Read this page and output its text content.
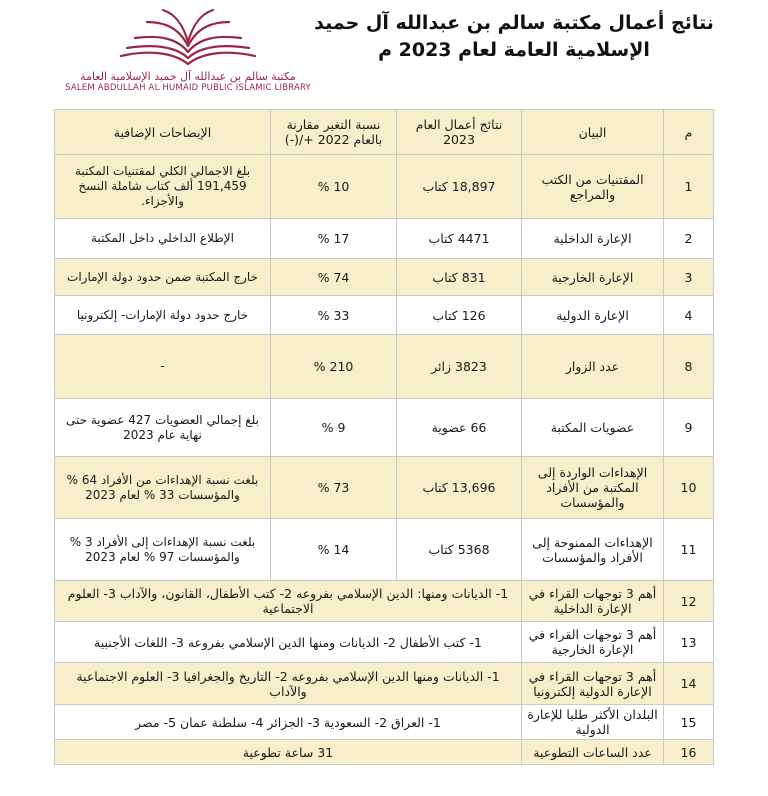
مكتبة سالم بن عبدالله آل حميد الإسلامية العامة
SALEM ABDULLAH AL HUMAID PUBLIC ISLAMIC LIBRARY
نتائج أعمال مكتبة سالم بن عبدالله آل حميد
الإسلامية العامة لعام 2023 م
م	البيان	نتائج أعمال العام 2023	نسبة التغير مقارنة بالعام 2022 +/(-)	الإيضاحات الإضافية
1	المقتنيات من الكتب والمراجع	18,897 كتاب	10 %	بلغ الاجمالي الكلي لمقتنيات المكتبة 191,459 ألف كتاب شاملة النسخ والأجزاء.
2	الإعارة الداخلية	4471 كتاب	17 %	الإطلاع الداخلي داخل المكتبة
3	الإعارة الخارجية	831 كتاب	74 %	خارج المكتبة ضمن حدود دولة الإمارات
4	الإعارة الدولية	126 كتاب	33 %	خارج حدود دولة الإمارات- إلكترونيا
8	عدد الزوار	3823 زائر	210 %	-
9	عضويات المكتبة	66 عضوية	9 %	بلغ إجمالي العضويات 427 عضوية حتى نهاية عام 2023
10	الإهداءات الواردة إلى المكتبة من الأفراد والمؤسسات	13,696 كتاب	73 %	بلغت نسبة الإهداءات من الأفراد 64 % والمؤسسات 33 % لعام 2023
11	الإهداءات الممنوحة إلى الأفراد والمؤسسات	5368 كتاب	14 %	بلغت نسبة الإهداءات إلى الأفراد 3 % والمؤسسات 97 % لعام 2023
12	أهم 3 توجهات القراء في الإعارة الداخلية	1- الديانات ومنها: الدين الإسلامي بفروعه 2- كتب الأطفال، القانون، والآداب 3- العلوم الاجتماعية		
13	أهم 3 توجهات القراء في الإعارة الخارجية	1- كتب الأطفال 2- الديانات ومنها الدين الإسلامي بفروعه 3- اللغات الأجنبية		
14	أهم 3 توجهات القراء في الإعارة الدولية إلكترونيا	1- الديانات ومنها الدين الإسلامي بفروعه 2- التاريخ والجغرافيا 3- العلوم الاجتماعية والآداب		
15	البلدان الأكثر طلبا للإعارة الدولية	1- العراق 2- السعودية 3- الجزائر 4- سلطنة عمان 5- مصر		
16	عدد الساعات التطوعية	31 ساعة تطوعية		
